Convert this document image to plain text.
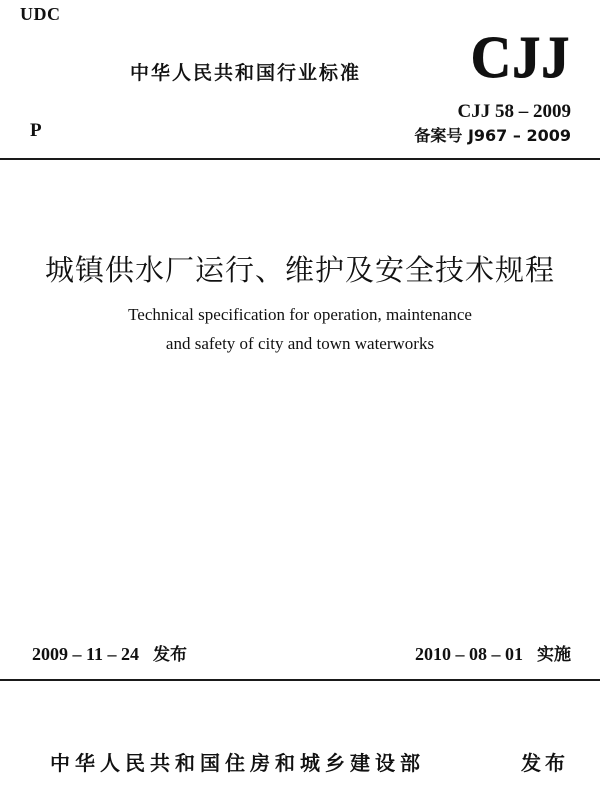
UDC
中华人民共和国行业标准 CJJ
P
CJJ 58 – 2009
备案号 J967 – 2009
城镇供水厂运行、维护及安全技术规程
Technical specification for operation, maintenance
and safety of city and town waterworks
2009 – 11 – 24 发布	2010 – 08 – 01 实施
中华人民共和国住房和城乡建设部	发布
